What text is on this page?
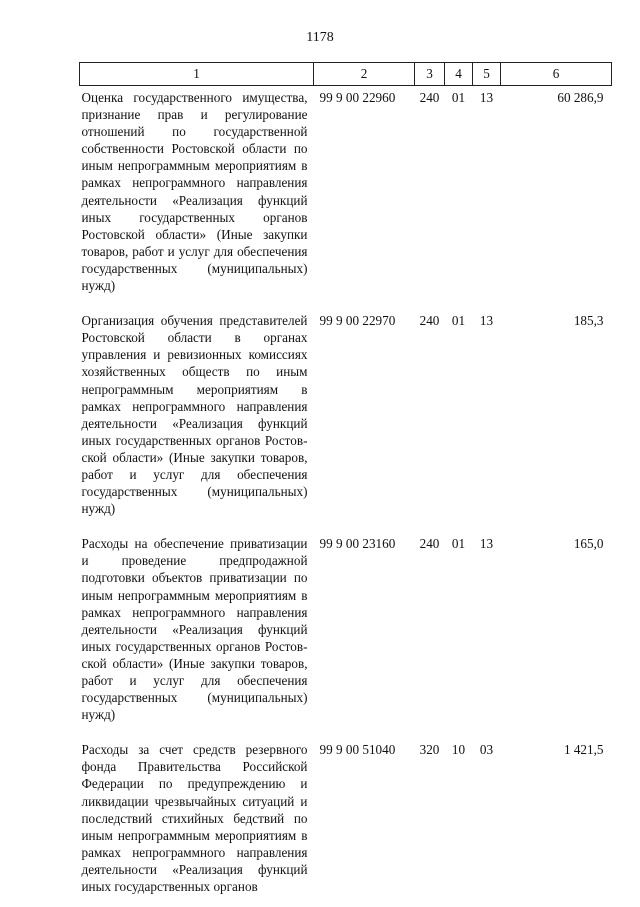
1178
1	2	3	4	5	6
Оценка государственного имущества, признание прав и регулирование отношений по государственной собственности Ростовской области по иным непрограммным мероприятиям в рамках непрограммного направления деятельности «Реализация функций иных государственных органов Ростовской области» (Иные закупки товаров, работ и услуг для обеспечения государственных (муниципальных) нужд)	99 9 00 22960	240	01	13	60 286,9
Организация обучения представителей Ростовской области в органах управления и ревизионных комиссиях хозяйственных обществ по иным непрограммным мероприятиям в рамках непрограммного направления деятельности «Реализация функций иных государственных органов Ростовской области» (Иные закупки товаров, работ и услуг для обеспечения государственных (муниципальных) нужд)	99 9 00 22970	240	01	13	185,3
Расходы на обеспечение приватизации и проведение предпродажной подготовки объектов приватизации по иным непрограммным мероприятиям в рамках непрограммного направления деятельности «Реализация функций иных государственных органов Ростовской области» (Иные закупки товаров, работ и услуг для обеспечения государственных (муниципальных) нужд)	99 9 00 23160	240	01	13	165,0
Расходы за счет средств резервного фонда Правительства Российской Федерации по предупреждению и ликвидации чрезвычайных ситуаций и последствий стихийных бедствий по иным непрограммным мероприятиям в рамках непрограммного направления деятельности «Реализация функций иных государственных органов	99 9 00 51040	320	10	03	1 421,5
